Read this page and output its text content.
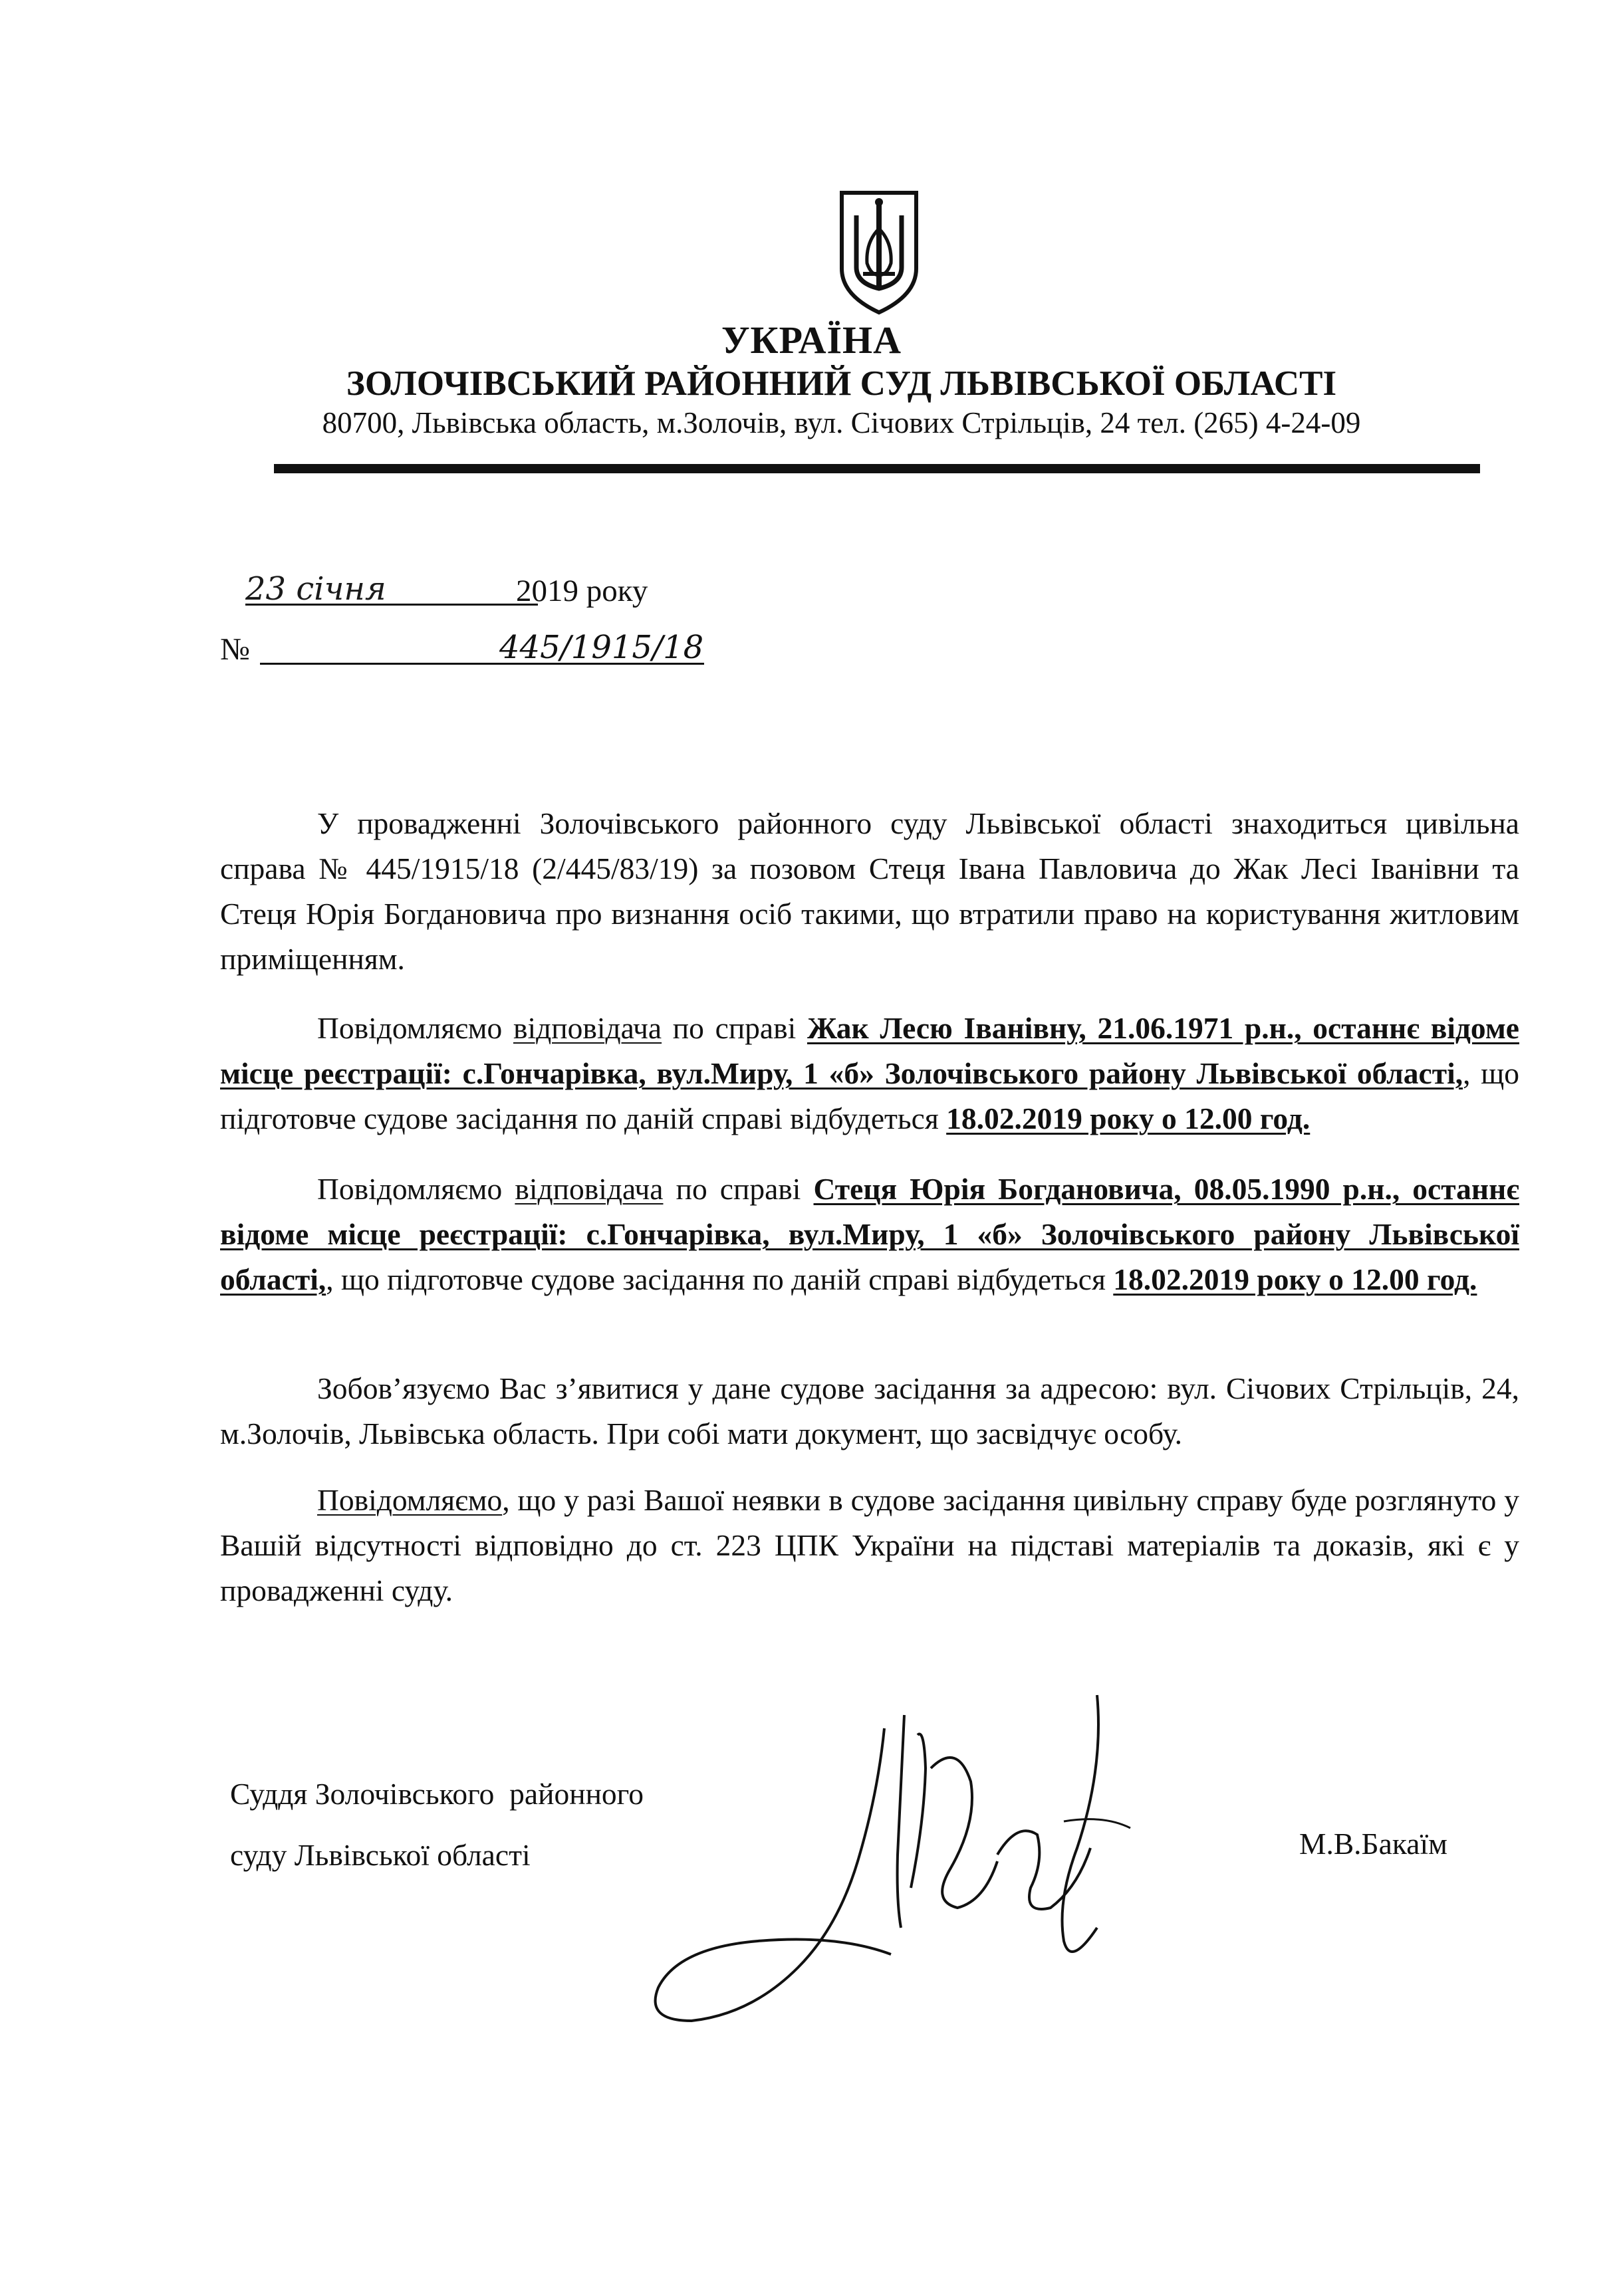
УКРАЇНА
ЗОЛОЧІВСЬКИЙ РАЙОННИЙ СУД ЛЬВІВСЬКОЇ ОБЛАСТІ
80700, Львівська область, м.Золочів, вул. Січових Стрільців, 24 тел. (265) 4-24-09
23 січня	2019 року
№	445/1915/18

У провадженні Золочівського районного суду Львівської області знаходиться цивільна справа № 445/1915/18 (2/445/83/19) за позовом Стеця Івана Павловича до Жак Лесі Іванівни та Стеця Юрія Богдановича про визнання осіб такими, що втратили право на користування житловим приміщенням.

Повідомляємо відповідача по справі Жак Лесю Іванівну, 21.06.1971 р.н., останнє відоме місце реєстрації: с.Гончарівка, вул.Миру, 1 «б» Золочівського району Львівської області,, що підготовче судове засідання по даній справі відбудеться 18.02.2019 року о 12.00 год.

Повідомляємо відповідача по справі Стеця Юрія Богдановича, 08.05.1990 р.н., останнє відоме місце реєстрації: с.Гончарівка, вул.Миру, 1 «б» Золочівського району Львівської області,, що підготовче судове засідання по даній справі відбудеться 18.02.2019 року о 12.00 год.

Зобов’язуємо Вас з’явитися у дане судове засідання за адресою: вул. Січових Стрільців, 24, м.Золочів, Львівська область. При собі мати документ, що засвідчує особу.

Повідомляємо, що у разі Вашої неявки в судове засідання цивільну справу буде розглянуто у Вашій відсутності відповідно до ст. 223 ЦПК України на підставі матеріалів та доказів, які є у провадженні суду.

Суддя Золочівського  районного
суду Львівської області	М.В.Бакаїм
